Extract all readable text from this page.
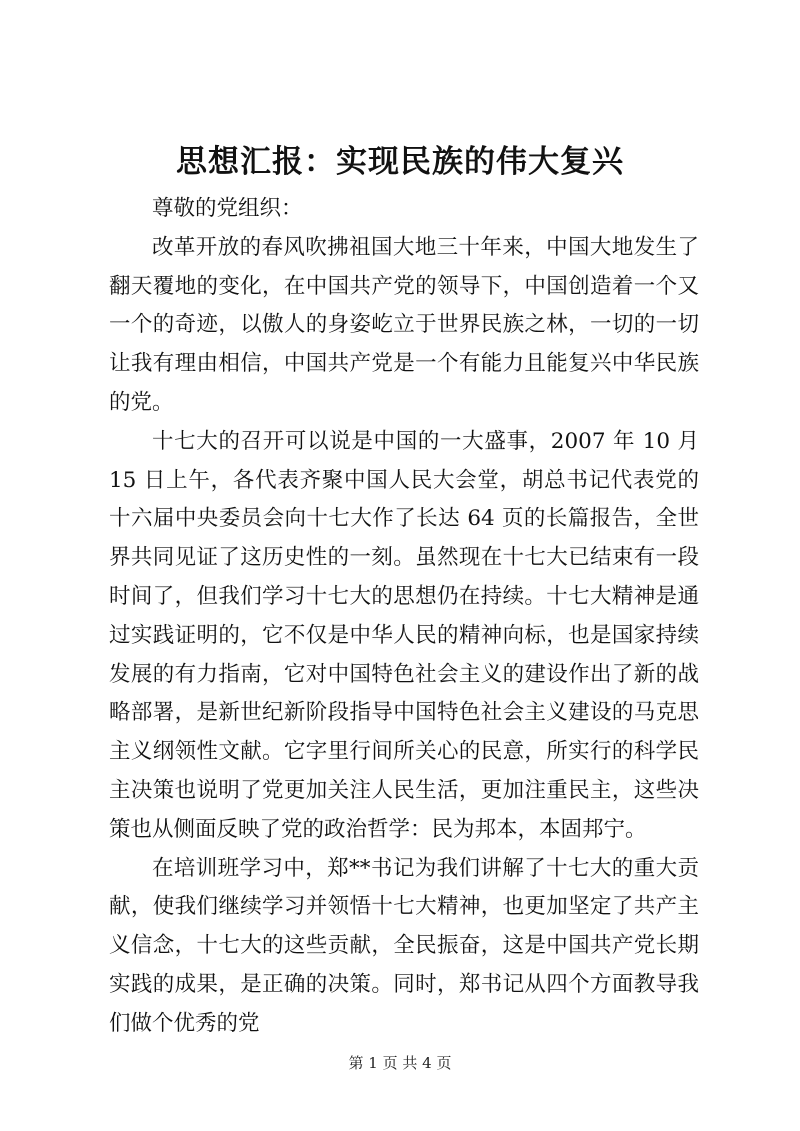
思想汇报：实现民族的伟大复兴

尊敬的党组织：

改革开放的春风吹拂祖国大地三十年来，中国大地发生了翻天覆地的变化，在中国共产党的领导下，中国创造着一个又一个的奇迹，以傲人的身姿屹立于世界民族之林，一切的一切让我有理由相信，中国共产党是一个有能力且能复兴中华民族的党。

十七大的召开可以说是中国的一大盛事，2007 年 10 月 15 日上午，各代表齐聚中国人民大会堂，胡总书记代表党的十六届中央委员会向十七大作了长达 64 页的长篇报告，全世界共同见证了这历史性的一刻。虽然现在十七大已结束有一段时间了，但我们学习十七大的思想仍在持续。十七大精神是通过实践证明的，它不仅是中华人民的精神向标，也是国家持续发展的有力指南，它对中国特色社会主义的建设作出了新的战略部署，是新世纪新阶段指导中国特色社会主义建设的马克思主义纲领性文献。它字里行间所关心的民意，所实行的科学民主决策也说明了党更加关注人民生活，更加注重民主，这些决策也从侧面反映了党的政治哲学：民为邦本，本固邦宁。

在培训班学习中，郑**书记为我们讲解了十七大的重大贡献，使我们继续学习并领悟十七大精神，也更加坚定了共产主义信念，十七大的这些贡献，全民振奋，这是中国共产党长期实践的成果，是正确的决策。同时，郑书记从四个方面教导我们做个优秀的党

第 1 页 共 4 页
